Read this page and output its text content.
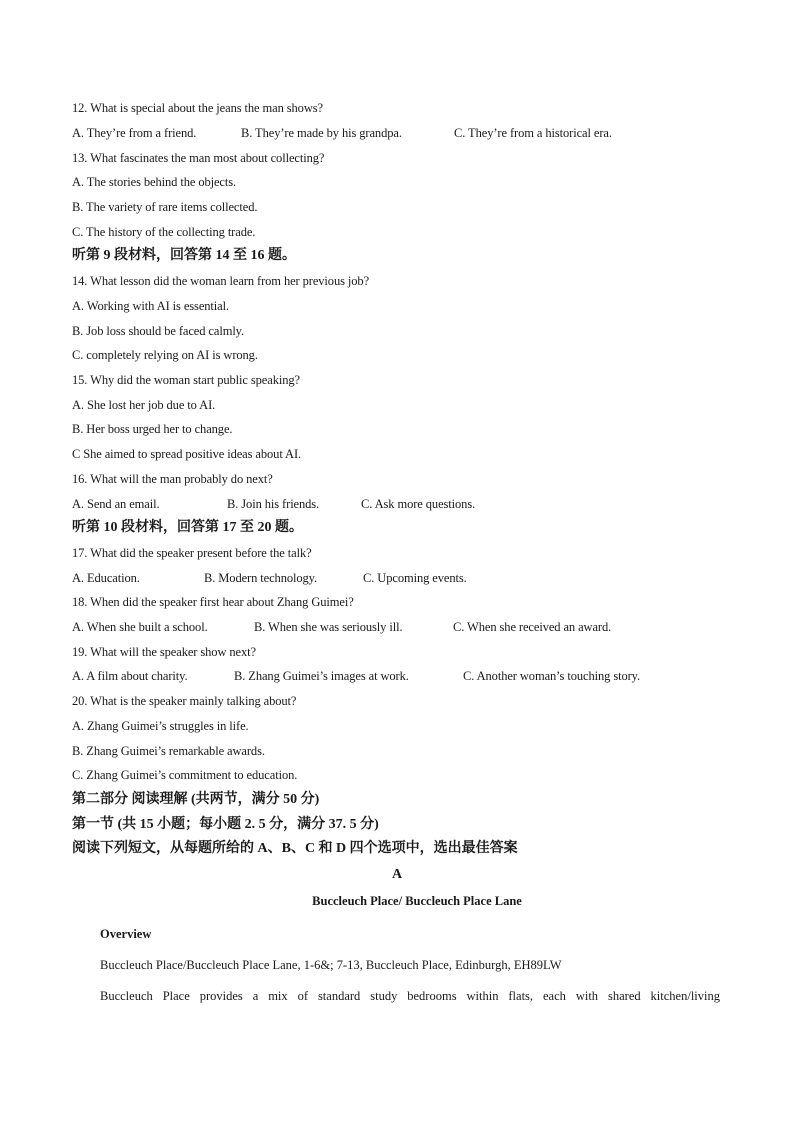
12. What is special about the jeans the man shows?
A. They’re from a friend.	B. They’re made by his grandpa.	C. They’re from a historical era.
13. What fascinates the man most about collecting?
A. The stories behind the objects.
B. The variety of rare items collected.
C. The history of the collecting trade.
听第 9 段材料，回答第 14 至 16 题。
14. What lesson did the woman learn from her previous job?
A. Working with AI is essential.
B. Job loss should be faced calmly.
C. completely relying on AI is wrong.
15. Why did the woman start public speaking?
A. She lost her job due to AI.
B. Her boss urged her to change.
C She aimed to spread positive ideas about AI.
16. What will the man probably do next?
A. Send an email.	B. Join his friends.	C. Ask more questions.
听第 10 段材料，回答第 17 至 20 题。
17. What did the speaker present before the talk?
A. Education.	B. Modern technology.	C. Upcoming events.
18. When did the speaker first hear about Zhang Guimei?
A. When she built a school.	B. When she was seriously ill.	C. When she received an award.
19. What will the speaker show next?
A. A film about charity.	B. Zhang Guimei’s images at work.	C. Another woman’s touching story.
20. What is the speaker mainly talking about?
A. Zhang Guimei’s struggles in life.
B. Zhang Guimei’s remarkable awards.
C. Zhang Guimei’s commitment to education.
第二部分 阅读理解 (共两节，满分 50 分)
第一节 (共 15 小题；每小题 2. 5 分，满分 37. 5 分)
阅读下列短文，从每题所给的 A、B、C 和 D 四个选项中，选出最佳答案
A
Buccleuch Place/ Buccleuch Place Lane
Overview
Buccleuch Place/Buccleuch Place Lane, 1-6&; 7-13, Buccleuch Place, Edinburgh, EH89LW
Buccleuch Place provides a mix of standard study bedrooms within flats, each with shared kitchen/living
